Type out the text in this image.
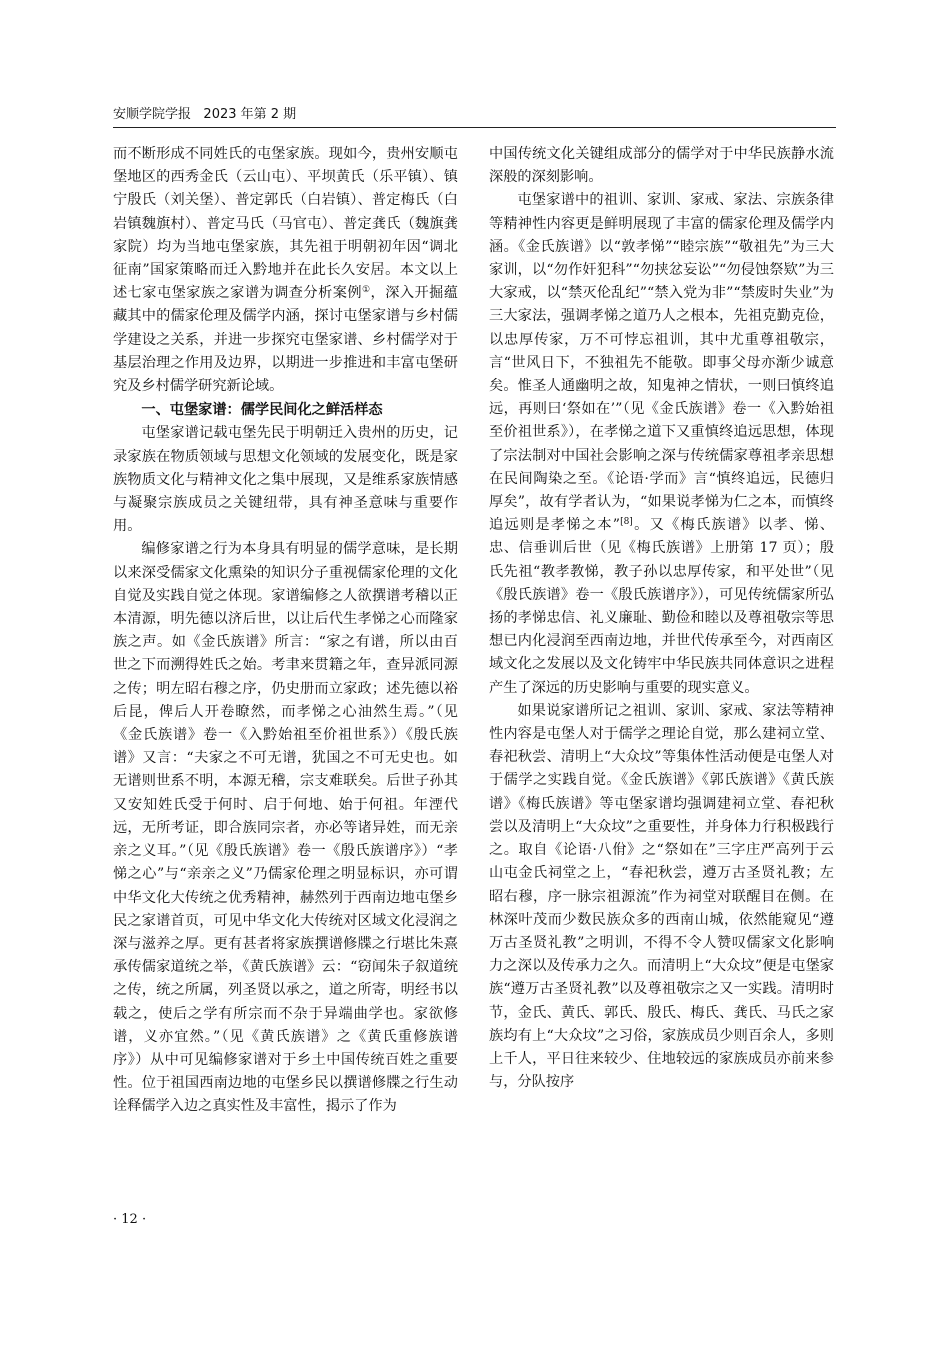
安顺学院学报 2023 年第 2 期

而不断形成不同姓氏的屯堡家族。现如今，贵州安顺屯堡地区的西秀金氏（云山屯）、平坝黄氏（乐平镇）、镇宁殷氏（刘关堡）、普定郭氏（白岩镇）、普定梅氏（白岩镇魏旗村）、普定马氏（马官屯）、普定龚氏（魏旗龚家院）均为当地屯堡家族，其先祖于明朝初年因“调北征南”国家策略而迁入黔地并在此长久安居。本文以上述七家屯堡家族之家谱为调查分析案例①，深入开掘蕴藏其中的儒家伦理及儒学内涵，探讨屯堡家谱与乡村儒学建设之关系，并进一步探究屯堡家谱、乡村儒学对于基层治理之作用及边界，以期进一步推进和丰富屯堡研究及乡村儒学研究新论域。

一、屯堡家谱：儒学民间化之鲜活样态

屯堡家谱记载屯堡先民于明朝迁入贵州的历史，记录家族在物质领域与思想文化领域的发展变化，既是家族物质文化与精神文化之集中展现，又是维系家族情感与凝聚宗族成员之关键纽带，具有神圣意味与重要作用。

编修家谱之行为本身具有明显的儒学意味，是长期以来深受儒家文化熏染的知识分子重视儒家伦理的文化自觉及实践自觉之体现。家谱编修之人欲撰谱考稽以正本清源，明先德以济后世，以让后代生孝悌之心而隆家族之声。如《金氏族谱》所言：“家之有谱，所以由百世之下而溯得姓氏之始。考聿来贯籍之年，查异派同源之传；明左昭右穆之序，仍史册而立家政；述先德以裕后昆，俾后人开卷瞭然，而孝悌之心油然生焉。”（见《金氏族谱》卷一《入黔始祖至价祖世系》）《殷氏族谱》又言：“夫家之不可无谱，犹国之不可无史也。如无谱则世系不明，本源无稽，宗支难联矣。后世子孙其又安知姓氏受于何时、启于何地、始于何祖。年湮代远，无所考证，即合族同宗者，亦必等诸异姓，而无亲亲之义耳。”（见《殷氏族谱》卷一《殷氏族谱序》）“孝悌之心”与“亲亲之义”乃儒家伦理之明显标识，亦可谓中华文化大传统之优秀精神，赫然列于西南边地屯堡乡民之家谱首页，可见中华文化大传统对区域文化浸润之深与滋养之厚。更有甚者将家族撰谱修牒之行堪比朱熹承传儒家道统之举，《黄氏族谱》云：“窃闻朱子叙道统之传，统之所属，列圣贤以承之，道之所寄，明经书以载之，使后之学有所宗而不杂于异端曲学也。家欲修谱，义亦宜然。”（见《黄氏族谱》之《黄氏重修族谱序》）从中可见编修家谱对于乡土中国传统百姓之重要性。位于祖国西南边地的屯堡乡民以撰谱修牒之行生动诠释儒学入边之真实性及丰富性，揭示了作为

中国传统文化关键组成部分的儒学对于中华民族静水流深般的深刻影响。

屯堡家谱中的祖训、家训、家戒、家法、宗族条律等精神性内容更是鲜明展现了丰富的儒家伦理及儒学内涵。《金氏族谱》以“敦孝悌”“睦宗族”“敬祖先”为三大家训，以“勿作奸犯科”“勿挟忿妄讼”“勿侵蚀祭欵”为三大家戒，以“禁灭伦乱纪”“禁入党为非”“禁废时失业”为三大家法，强调孝悌之道乃人之根本，先祖克勤克俭，以忠厚传家，万不可悖忘祖训，其中尤重尊祖敬宗，言“世风日下，不独祖先不能敬。即事父母亦渐少诚意矣。惟圣人通幽明之故，知鬼神之情状，一则曰慎终追远，再则曰‘祭如在’”（见《金氏族谱》卷一《入黔始祖至价祖世系》），在孝悌之道下又重慎终追远思想，体现了宗法制对中国社会影响之深与传统儒家尊祖孝亲思想在民间陶染之至。《论语·学而》言“慎终追远，民德归厚矣”，故有学者认为，“如果说孝悌为仁之本，而慎终追远则是孝悌之本”[8]。又《梅氏族谱》以孝、悌、忠、信垂训后世（见《梅氏族谱》上册第 17 页）；殷氏先祖“教孝教悌，教子孙以忠厚传家，和平处世”（见《殷氏族谱》卷一《殷氏族谱序》），可见传统儒家所弘扬的孝悌忠信、礼义廉耻、勤俭和睦以及尊祖敬宗等思想已内化浸润至西南边地，并世代传承至今，对西南区域文化之发展以及文化铸牢中华民族共同体意识之进程产生了深远的历史影响与重要的现实意义。

如果说家谱所记之祖训、家训、家戒、家法等精神性内容是屯堡人对于儒学之理论自觉，那么建祠立堂、春祀秋尝、清明上“大众坟”等集体性活动便是屯堡人对于儒学之实践自觉。《金氏族谱》《郭氏族谱》《黄氏族谱》《梅氏族谱》等屯堡家谱均强调建祠立堂、春祀秋尝以及清明上“大众坟”之重要性，并身体力行积极践行之。取自《论语·八佾》之“祭如在”三字庄严高列于云山屯金氏祠堂之上，“春祀秋尝，遵万古圣贤礼教；左昭右穆，序一脉宗祖源流”作为祠堂对联醒目在侧。在林深叶茂而少数民族众多的西南山城，依然能窥见“遵万古圣贤礼教”之明训，不得不令人赞叹儒家文化影响力之深以及传承力之久。而清明上“大众坟”便是屯堡家族“遵万古圣贤礼教”以及尊祖敬宗之又一实践。清明时节，金氏、黄氏、郭氏、殷氏、梅氏、龚氏、马氏之家族均有上“大众坟”之习俗，家族成员少则百余人，多则上千人，平日往来较少、住地较远的家族成员亦前来参与，分队按序

· 12 ·
